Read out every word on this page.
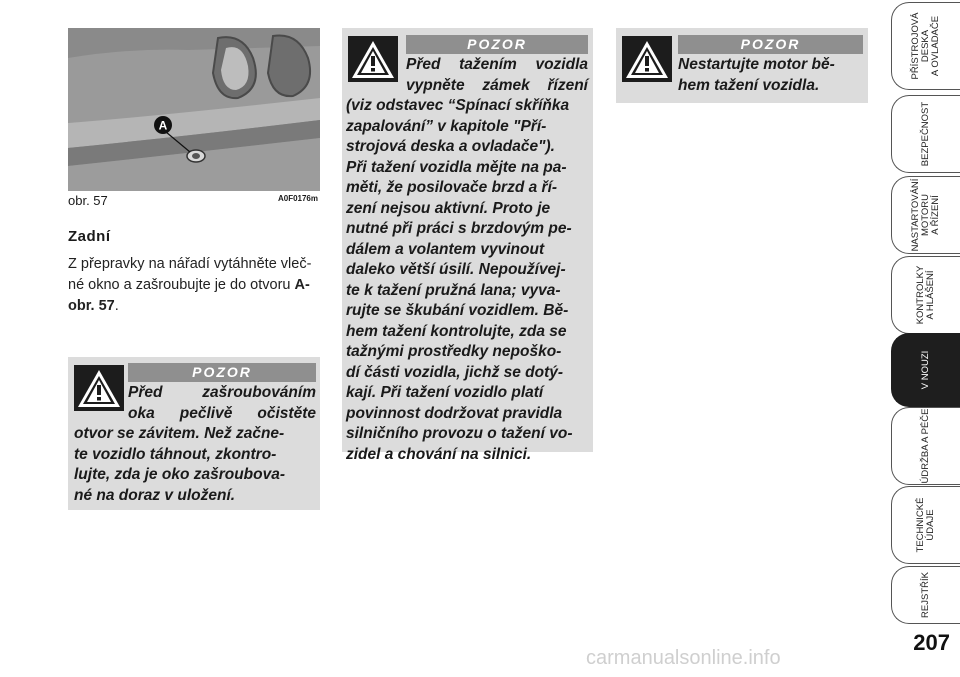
A
obr. 57	A0F0176m
Zadní
Z přepravky na nářadí vytáhněte vleč-
né okno a zašroubujte je do otvoru A-
obr. 57.
POZOR
Před zašroubováním
oka pečlivě očistěte
otvor se závitem. Než začne-
te vozidlo táhnout, zkontro-
lujte, zda je oko zašroubova-
né na doraz v uložení.
POZOR
Před tažením vozidla
vypněte zámek řízení
(viz odstavec “Spínací skříňka
zapalování” v kapitole "Pří-
strojová deska a ovladače").
Při tažení vozidla mějte na pa-
měti, že posilovače brzd a ří-
zení nejsou aktivní. Proto je
nutné při práci s brzdovým pe-
dálem a volantem vyvinout
daleko větší úsilí. Nepoužívej-
te k tažení pružná lana; vyva-
rujte se škubání vozidlem. Bě-
hem tažení kontrolujte, zda se
tažnými prostředky nepoško-
dí části vozidla, jichž se dotý-
kají. Při tažení vozidlo platí
povinnost dodržovat pravidla
silničního provozu o tažení vo-
zidel a chování na silnici.
POZOR
Nestartujte motor bě-
hem tažení vozidla.
PŘÍSTROJOVÁ DESKA A OVLADAČE
BEZPEČNOST
NASTARTOVÁNÍ MOTORU A ŘÍZENÍ
KONTROLKY A HLÁŠENÍ
V NOUZI
ÚDRŽBA A PÉČE
TECHNICKÉ ÚDAJE
REJSTŘÍK
207
carmanualsonline.info
